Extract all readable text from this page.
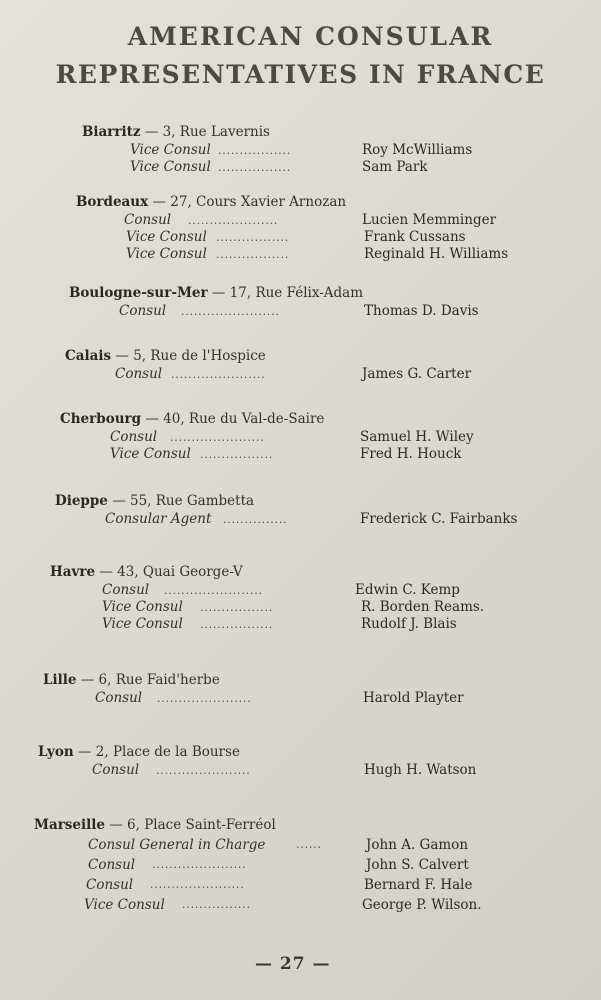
AMERICAN CONSULAR
REPRESENTATIVES IN FRANCE
Biarritz — 3, Rue Lavernis
Vice Consul .................	Roy McWilliams
Vice Consul .................	Sam Park
Bordeaux — 27, Cours Xavier Arnozan
Consul .....................	Lucien Memminger
Vice Consul .................	Frank Cussans
Vice Consul .................	Reginald H. Williams
Boulogne-sur-Mer — 17, Rue Félix-Adam
Consul .......................	Thomas D. Davis
Calais — 5, Rue de l'Hospice
Consul ......................	James G. Carter
Cherbourg — 40, Rue du Val-de-Saire
Consul ......................	Samuel H. Wiley
Vice Consul .................	Fred H. Houck
Dieppe — 55, Rue Gambetta
Consular Agent ...............	Frederick C. Fairbanks
Havre — 43, Quai George-V
Consul .......................	Edwin C. Kemp
Vice Consul .................	R. Borden Reams.
Vice Consul .................	Rudolf J. Blais
Lille — 6, Rue Faid'herbe
Consul ......................	Harold Playter
Lyon — 2, Place de la Bourse
Consul ......................	Hugh H. Watson
Marseille — 6, Place Saint-Ferréol
Consul General in Charge	......	John A. Gamon
Consul ......................	John S. Calvert
Consul ......................	Bernard F. Hale
Vice Consul ................	George P. Wilson.
— 27 —
